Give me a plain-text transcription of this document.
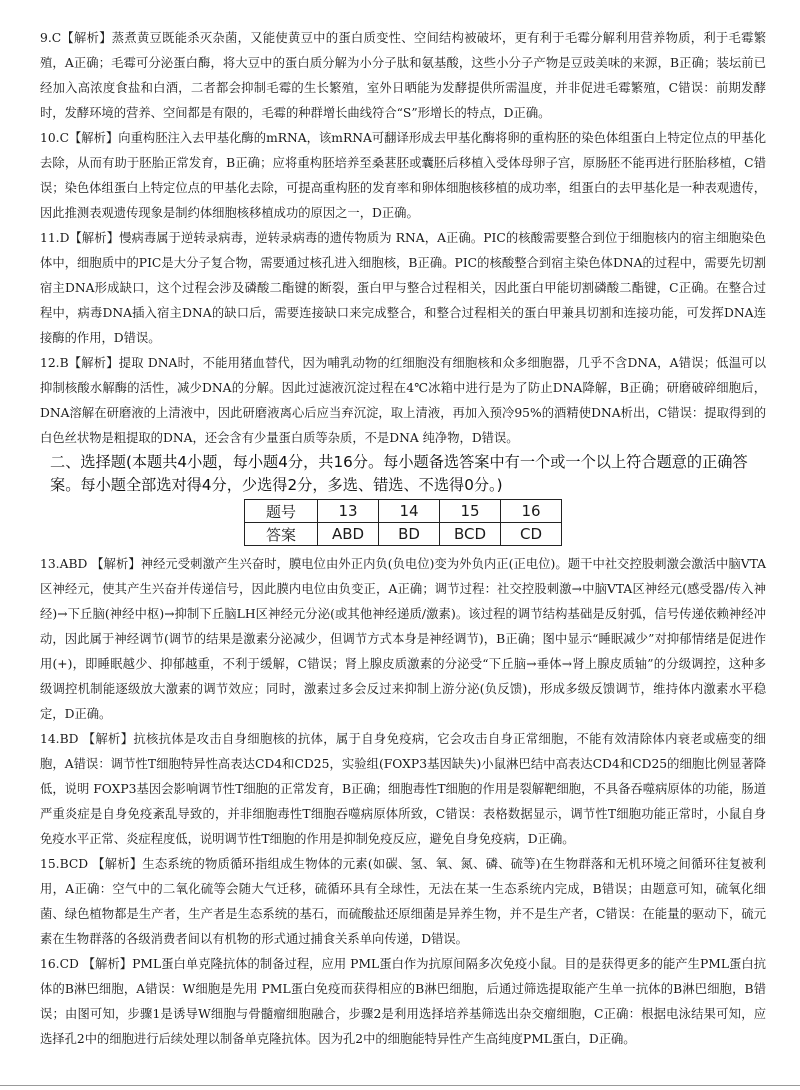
9.C【解析】蒸煮黄豆既能杀灭杂菌，又能使黄豆中的蛋白质变性、空间结构被破坏，更有利于毛霉分解利用营养物质，利于毛霉繁殖，A正确；毛霉可分泌蛋白酶，将大豆中的蛋白质分解为小分子肽和氨基酸，这些小分子产物是豆豉美味的来源，B正确；装坛前已经加入高浓度食盐和白酒，二者都会抑制毛霉的生长繁殖，室外日晒能为发酵提供所需温度，并非促进毛霉繁殖，C错误：前期发酵时，发酵环境的营养、空间都是有限的，毛霉的种群增长曲线符合“S”形增长的特点，D正确。

10.C【解析】向重构胚注入去甲基化酶的mRNA，该mRNA可翻译形成去甲基化酶将卵的重构胚的染色体组蛋白上特定位点的甲基化去除，从而有助于胚胎正常发育，B正确；应将重构胚培养至桑葚胚或囊胚后移植入受体母卵子宫，原肠胚不能再进行胚胎移植，C错误；染色体组蛋白上特定位点的甲基化去除，可提高重构胚的发育率和卵体细胞核移植的成功率，组蛋白的去甲基化是一种表观遗传，因此推测表观遗传现象是制约体细胞核移植成功的原因之一，D正确。

11.D【解析】慢病毒属于逆转录病毒，逆转录病毒的遗传物质为 RNA，A正确。PIC的核酸需要整合到位于细胞核内的宿主细胞染色体中，细胞质中的PIC是大分子复合物，需要通过核孔进入细胞核，B正确。PIC的核酸整合到宿主染色体DNA的过程中，需要先切割宿主DNA形成缺口，这个过程会涉及磷酸二酯键的断裂，蛋白甲与整合过程相关，因此蛋白甲能切割磷酸二酯键，C正确。在整合过程中，病毒DNA插入宿主DNA的缺口后，需要连接缺口来完成整合，和整合过程相关的蛋白甲兼具切割和连接功能，可发挥DNA连接酶的作用，D错误。

12.B【解析】提取 DNA时，不能用猪血替代，因为哺乳动物的红细胞没有细胞核和众多细胞器，几乎不含DNA，A错误；低温可以抑制核酸水解酶的活性，减少DNA的分解。因此过滤液沉淀过程在4℃冰箱中进行是为了防止DNA降解，B正确；研磨破碎细胞后，DNA溶解在研磨液的上清液中，因此研磨液离心后应当弃沉淀，取上清液，再加入预冷95%的酒精使DNA析出，C错误：提取得到的白色丝状物是粗提取的DNA，还会含有少量蛋白质等杂质，不是DNA 纯净物，D错误。

二、选择题(本题共4小题，每小题4分，共16分。每小题备选答案中有一个或一个以上符合题意的正确答案。每小题全部选对得4分，少选得2分，多选、错选、不选得0分。)

题号	13	14	15	16
答案	ABD	BD	BCD	CD

13.ABD 【解析】神经元受刺激产生兴奋时，膜电位由外正内负(负电位)变为外负内正(正电位)。题干中社交控股刺激会激活中脑VTA区神经元，使其产生兴奋并传递信号，因此膜内电位由负变正，A正确；调节过程：社交控股刺激→中脑VTA区神经元(感受器/传入神经)→下丘脑(神经中枢)→抑制下丘脑LH区神经元分泌(或其他神经递质/激素)。该过程的调节结构基础是反射弧，信号传递依赖神经冲动，因此属于神经调节(调节的结果是激素分泌减少，但调节方式本身是神经调节)，B正确；图中显示“睡眠减少”对抑郁情绪是促进作用(+)，即睡眠越少、抑郁越重，不利于缓解，C错误；肾上腺皮质激素的分泌受“下丘脑→垂体→肾上腺皮质轴”的分级调控，这种多级调控机制能逐级放大激素的调节效应；同时，激素过多会反过来抑制上游分泌(负反馈)，形成多级反馈调节，维持体内激素水平稳定，D正确。

14.BD 【解析】抗核抗体是攻击自身细胞核的抗体，属于自身免疫病，它会攻击自身正常细胞，不能有效清除体内衰老或癌变的细胞，A错误：调节性T细胞特异性高表达CD4和CD25，实验组(FOXP3基因缺失)小鼠淋巴结中高表达CD4和CD25的细胞比例显著降低，说明 FOXP3基因会影响调节性T细胞的正常发育，B正确；细胞毒性T细胞的作用是裂解靶细胞，不具备吞噬病原体的功能，肠道严重炎症是自身免疫紊乱导致的，并非细胞毒性T细胞吞噬病原体所致，C错误：表格数据显示，调节性T细胞功能正常时，小鼠自身免疫水平正常、炎症程度低，说明调节性T细胞的作用是抑制免疫反应，避免自身免疫病，D正确。

15.BCD 【解析】生态系统的物质循环指组成生物体的元素(如碳、氢、氧、氮、磷、硫等)在生物群落和无机环境之间循环往复被利用，A正确：空气中的二氧化硫等会随大气迁移，硫循环具有全球性，无法在某一生态系统内完成，B错误；由题意可知，硫氧化细菌、绿色植物都是生产者，生产者是生态系统的基石，而硫酸盐还原细菌是异养生物，并不是生产者，C错误：在能量的驱动下，硫元素在生物群落的各级消费者间以有机物的形式通过捕食关系单向传递，D错误。

16.CD 【解析】PML蛋白单克隆抗体的制备过程，应用 PML蛋白作为抗原间隔多次免疫小鼠。目的是获得更多的能产生PML蛋白抗体的B淋巴细胞，A错误：W细胞是先用 PML蛋白免疫而获得相应的B淋巴细胞，后通过筛选提取能产生单一抗体的B淋巴细胞，B错误；由图可知，步骤1是诱导W细胞与骨髓瘤细胞融合，步骤2是利用选择培养基筛选出杂交瘤细胞，C正确：根据电泳结果可知，应选择孔2中的细胞进行后续处理以制备单克隆抗体。因为孔2中的细胞能特异性产生高纯度PML蛋白，D正确。
